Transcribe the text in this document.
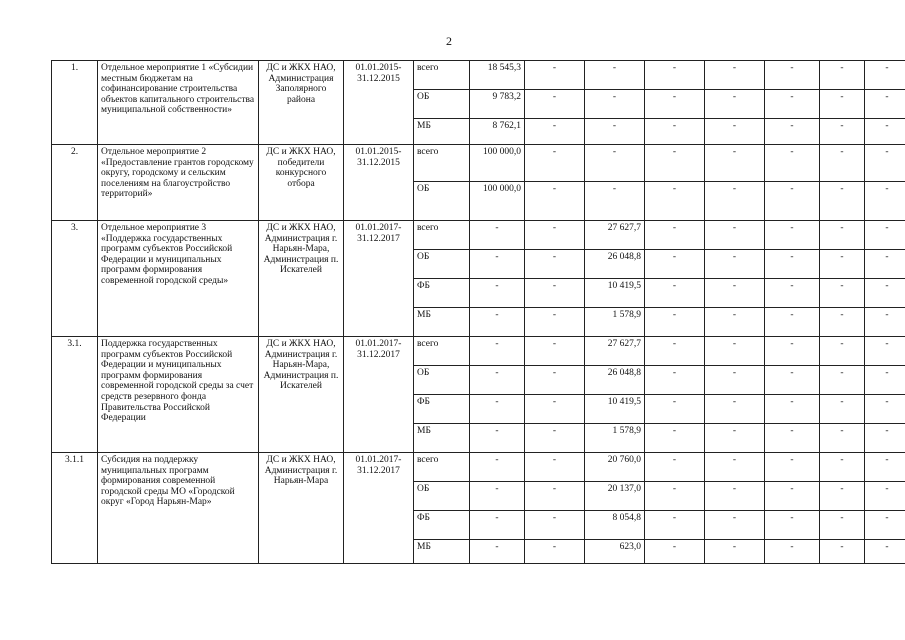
2
1.	Отдельное мероприятие 1 «Субсидии местным бюджетам на софинансирование строительства объектов капитального строительства муниципальной собственности»	ДС и ЖКХ НАО, Администрация Заполярного района	01.01.2015-31.12.2015	всего	18 545,3	-	-	-	-	-	-	-
				ОБ	9 783,2	-	-	-	-	-	-	-
				МБ	8 762,1	-	-	-	-	-	-	-
2.	Отдельное мероприятие 2 «Предоставление грантов городскому округу, городскому и сельским поселениям на благоустройство территорий»	ДС и ЖКХ НАО, победители конкурсного отбора	01.01.2015-31.12.2015	всего	100 000,0	-	-	-	-	-	-	-
				ОБ	100 000,0	-	-	-	-	-	-	-
3.	Отдельное мероприятие 3 «Поддержка государственных программ субъектов Российской Федерации и муниципальных программ формирования современной городской среды»	ДС и ЖКХ НАО, Администрация г. Нарьян-Мара, Администрация п. Искателей	01.01.2017-31.12.2017	всего	-	-	27 627,7	-	-	-	-	-
				ОБ	-	-	26 048,8	-	-	-	-	-
				ФБ	-	-	10 419,5	-	-	-	-	-
				МБ	-	-	1 578,9	-	-	-	-	-
3.1.	Поддержка государственных программ субъектов Российской Федерации и муниципальных программ формирования современной городской среды за счет средств резервного фонда Правительства Российской Федерации	ДС и ЖКХ НАО, Администрация г. Нарьян-Мара, Администрация п. Искателей	01.01.2017-31.12.2017	всего	-	-	27 627,7	-	-	-	-	-
				ОБ	-	-	26 048,8	-	-	-	-	-
				ФБ	-	-	10 419,5	-	-	-	-	-
				МБ	-	-	1 578,9	-	-	-	-	-
3.1.1	Субсидия на поддержку муниципальных программ формирования современной городской среды МО «Городской округ «Город Нарьян-Мар»	ДС и ЖКХ НАО, Администрация г. Нарьян-Мара	01.01.2017-31.12.2017	всего	-	-	20 760,0	-	-	-	-	-
				ОБ	-	-	20 137,0	-	-	-	-	-
				ФБ	-	-	8 054,8	-	-	-	-	-
				МБ	-	-	623,0	-	-	-	-	-
